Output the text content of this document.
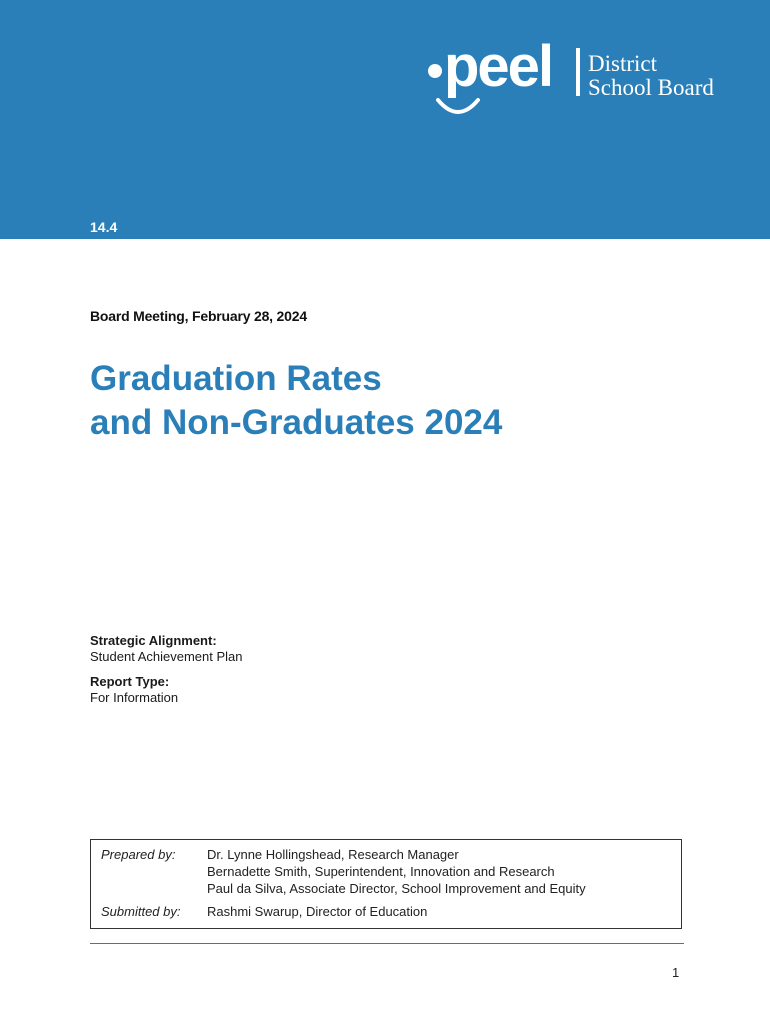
peel District
School Board
14.4
Board Meeting, February 28, 2024
Graduation Rates
and Non-Graduates 2024
Strategic Alignment:
Student Achievement Plan
Report Type:
For Information
Prepared by: Dr. Lynne Hollingshead, Research Manager
Bernadette Smith, Superintendent, Innovation and Research
Paul da Silva, Associate Director, School Improvement and Equity
Submitted by: Rashmi Swarup, Director of Education
1
